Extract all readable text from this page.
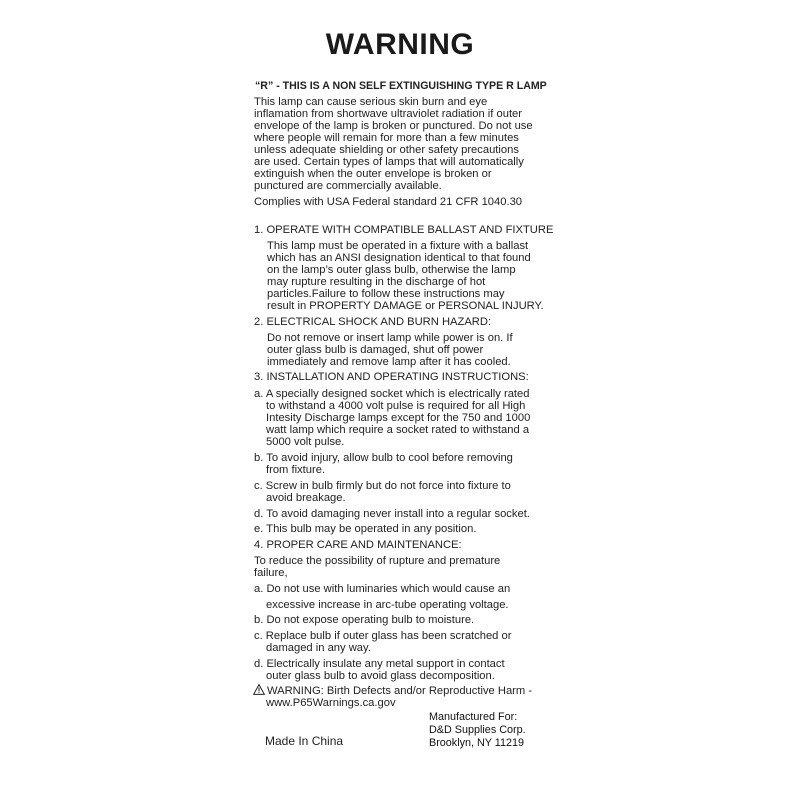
WARNING
“R” - THIS IS A NON SELF EXTINGUISHING TYPE R LAMP
This lamp can cause serious skin burn and eye
inflamation from shortwave ultraviolet radiation if outer
envelope of the lamp is broken or punctured. Do not use
where people will remain for more than a few minutes
unless adequate shielding or other safety precautions
are used. Certain types of lamps that will automatically
extinguish when the outer envelope is broken or
punctured are commercially available.
Complies with USA Federal standard 21 CFR 1040.30
1. OPERATE WITH COMPATIBLE BALLAST AND FIXTURE
This lamp must be operated in a fixture with a ballast
which has an ANSI designation identical to that found
on the lamp’s outer glass bulb, otherwise the lamp
may rupture resulting in the discharge of hot
particles.Failure to follow these instructions may
result in PROPERTY DAMAGE or PERSONAL INJURY.
2. ELECTRICAL SHOCK AND BURN HAZARD:
Do not remove or insert lamp while power is on. If
outer glass bulb is damaged, shut off power
immediately and remove lamp after it has cooled.
3. INSTALLATION AND OPERATING INSTRUCTIONS:
a. A specially designed socket which is electrically rated
to withstand a 4000 volt pulse is required for all High
Intesity Discharge lamps except for the 750 and 1000
watt lamp which require a socket rated to withstand a
5000 volt pulse.
b. To avoid injury, allow bulb to cool before removing
from fixture.
c. Screw in bulb firmly but do not force into fixture to
avoid breakage.
d. To avoid damaging never install into a regular socket.
e. This bulb may be operated in any position.
4. PROPER CARE AND MAINTENANCE:
To reduce the possibility of rupture and premature
failure,
a. Do not use with luminaries which would cause an
excessive increase in arc-tube operating voltage.
b. Do not expose operating bulb to moisture.
c. Replace bulb if outer glass has been scratched or
damaged in any way.
d. Electrically insulate any metal support in contact
outer glass bulb to avoid glass decomposition.
WARNING: Birth Defects and/or Reproductive Harm -
www.P65Warnings.ca.gov
Manufactured For:
D&D Supplies Corp.
Brooklyn, NY 11219
Made In China
